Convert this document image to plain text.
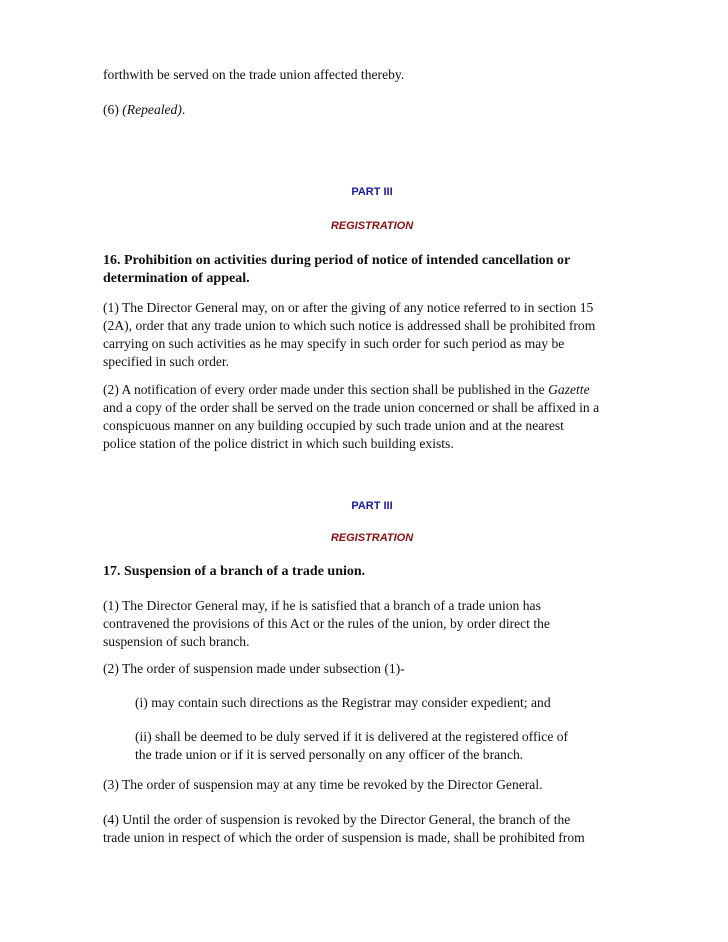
forthwith be served on the trade union affected thereby.

(6) (Repealed).

PART III
REGISTRATION

16. Prohibition on activities during period of notice of intended cancellation or
determination of appeal.

(1) The Director General may, on or after the giving of any notice referred to in section 15
(2A), order that any trade union to which such notice is addressed shall be prohibited from
carrying on such activities as he may specify in such order for such period as may be
specified in such order.

(2) A notification of every order made under this section shall be published in the Gazette
and a copy of the order shall be served on the trade union concerned or shall be affixed in a
conspicuous manner on any building occupied by such trade union and at the nearest
police station of the police district in which such building exists.

PART III
REGISTRATION

17. Suspension of a branch of a trade union.

(1) The Director General may, if he is satisfied that a branch of a trade union has
contravened the provisions of this Act or the rules of the union, by order direct the
suspension of such branch.

(2) The order of suspension made under subsection (1)-

(i) may contain such directions as the Registrar may consider expedient; and

(ii) shall be deemed to be duly served if it is delivered at the registered office of
the trade union or if it is served personally on any officer of the branch.

(3) The order of suspension may at any time be revoked by the Director General.

(4) Until the order of suspension is revoked by the Director General, the branch of the
trade union in respect of which the order of suspension is made, shall be prohibited from
